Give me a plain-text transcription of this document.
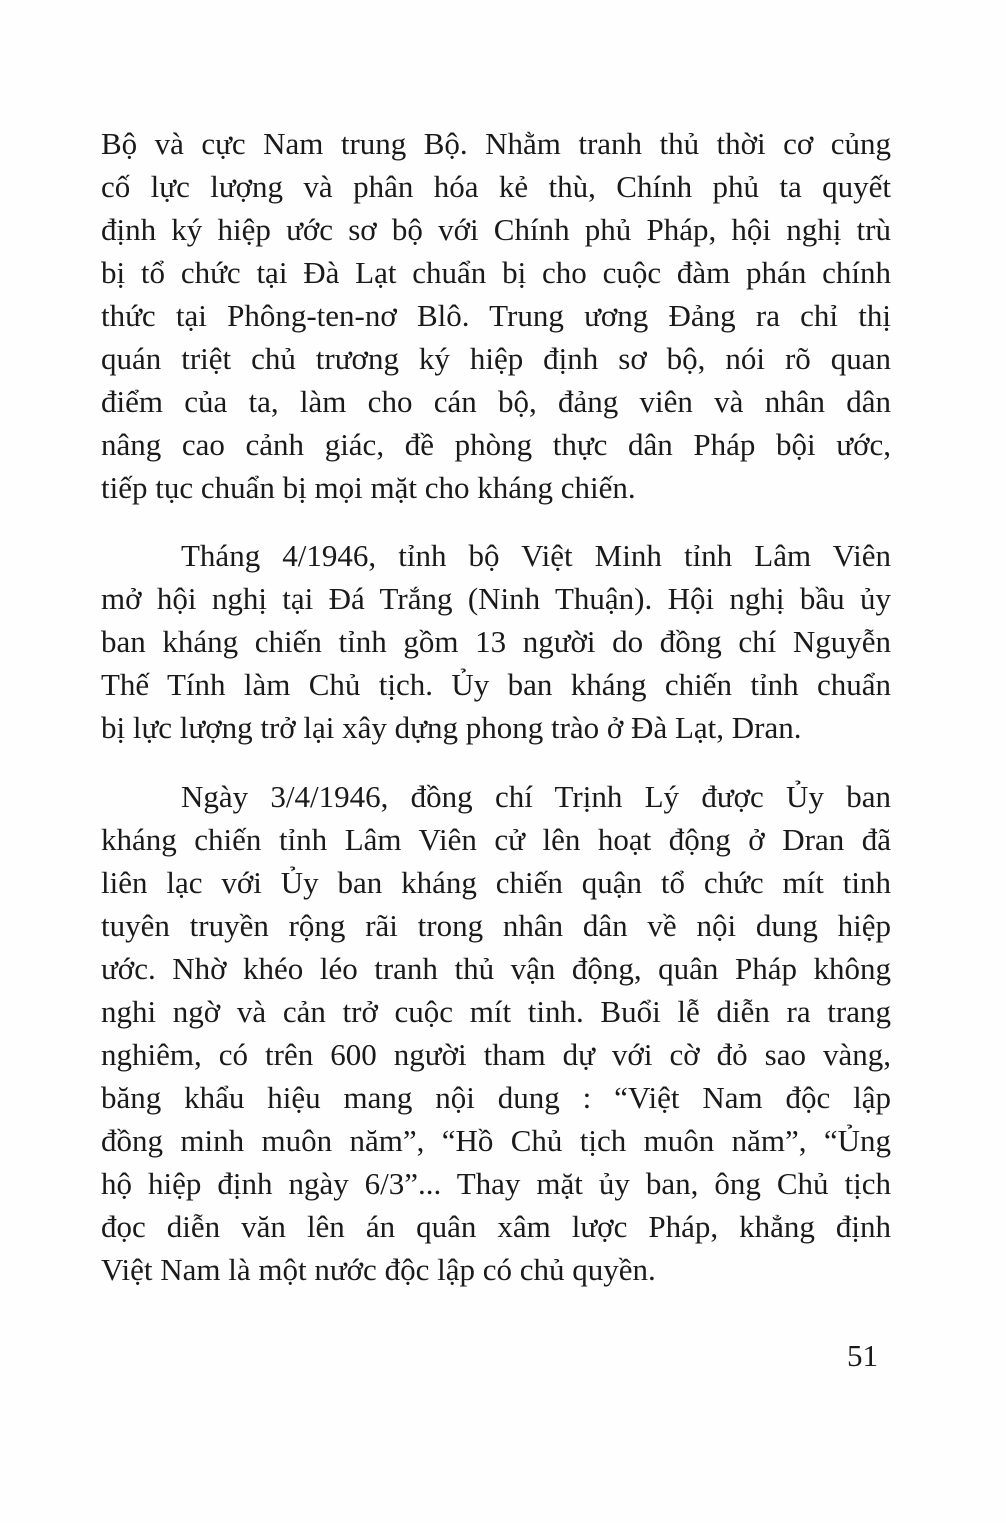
Bộ và cực Nam trung Bộ. Nhằm tranh thủ thời cơ củng
cố lực lượng và phân hóa kẻ thù, Chính phủ ta quyết
định ký hiệp ước sơ bộ với Chính phủ Pháp, hội nghị trù
bị tổ chức tại Đà Lạt chuẩn bị cho cuộc đàm phán chính
thức tại Phông-ten-nơ Blô. Trung ương Đảng ra chỉ thị
quán triệt chủ trương ký hiệp định sơ bộ, nói rõ quan
điểm của ta, làm cho cán bộ, đảng viên và nhân dân
nâng cao cảnh giác, đề phòng thực dân Pháp bội ước,
tiếp tục chuẩn bị mọi mặt cho kháng chiến.
Tháng 4/1946, tỉnh bộ Việt Minh tỉnh Lâm Viên
mở hội nghị tại Đá Trắng (Ninh Thuận). Hội nghị bầu ủy
ban kháng chiến tỉnh gồm 13 người do đồng chí Nguyễn
Thế Tính làm Chủ tịch. Ủy ban kháng chiến tỉnh chuẩn
bị lực lượng trở lại xây dựng phong trào ở Đà Lạt, Dran.
Ngày 3/4/1946, đồng chí Trịnh Lý được Ủy ban
kháng chiến tỉnh Lâm Viên cử lên hoạt động ở Dran đã
liên lạc với Ủy ban kháng chiến quận tổ chức mít tinh
tuyên truyền rộng rãi trong nhân dân về nội dung hiệp
ước. Nhờ khéo léo tranh thủ vận động, quân Pháp không
nghi ngờ và cản trở cuộc mít tinh. Buổi lễ diễn ra trang
nghiêm, có trên 600 người tham dự với cờ đỏ sao vàng,
băng khẩu hiệu mang nội dung : “Việt Nam độc lập
đồng minh muôn năm”, “Hồ Chủ tịch muôn năm”, “Ủng
hộ hiệp định ngày 6/3”... Thay mặt ủy ban, ông Chủ tịch
đọc diễn văn lên án quân xâm lược Pháp, khẳng định
Việt Nam là một nước độc lập có chủ quyền.
51
